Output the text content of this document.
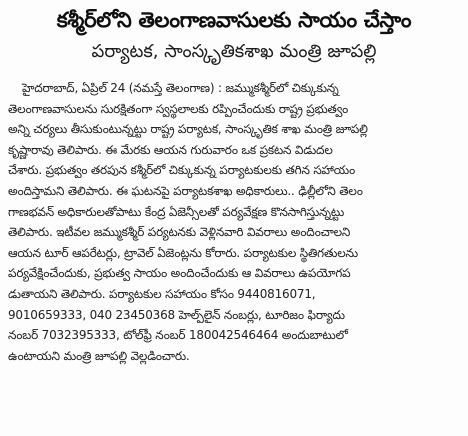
కశ్మీర్‌లోని తెలంగాణవాసులకు సాయం చేస్తాం
పర్యాటక, సాంస్కృతికశాఖ మంత్రి జూపల్లి
హైదరాబాద్, ఏప్రిల్ 24 (నమస్తే తెలంగాణ) : జమ్ముకశ్మీర్‌లో చిక్కుకున్న
తెలంగాణవాసులను సురక్షితంగా స్వస్థలాలకు రప్పించేందుకు రాష్ట్ర ప్రభుత్వం
అన్ని చర్యలు తీసుకుంటున్నట్టు రాష్ట్ర పర్యాటక, సాంస్కృతిక శాఖ మంత్రి జూపల్లి
కృష్ణారావు తెలిపారు. ఈ మేరకు ఆయన గురువారం ఒక ప్రకటన విడుదల
చేశారు. ప్రభుత్వం తరపున కశ్మీర్‌లో చిక్కుకున్న పర్యాటకులకు తగిన సహాయం
అందిస్తామని తెలిపారు. ఈ ఘటనపై పర్యాటకశాఖ అధికారులు.. ఢిల్లీలోని తెలం
గాణభవన్ అధికారులతోపాటు కేంద్ర ఏజెన్సీలతో పర్యవేక్షణ కొనసాగిస్తున్నట్టు
తెలిపారు. ఇటీవల జమ్ముకశ్మీర్ పర్యటనకు వెళ్లినవారి వివరాలు అందించాలని
ఆయన టూర్ ఆపరేటర్లు, ట్రావెల్ ఏజెంట్లను కోరారు. పర్యాటకుల స్థితిగతులను
పర్యవేక్షించేందుకు, ప్రభుత్వ సాయం అందించేందుకు ఆ వివరాలు ఉపయోగప
డుతాయని తెలిపారు. పర్యాటకుల సహాయం కోసం 9440816071,
9010659333, 040 23450368 హెల్ప్‌లైన్ నంబర్లు, టూరిజం ఫిర్యాదు
నంబర్ 7032395333, టోల్‌ఫ్రీ నంబర్ 180042546464 అందుబాటులో
ఉంటాయని మంత్రి జూపల్లి వెల్లడించారు.
